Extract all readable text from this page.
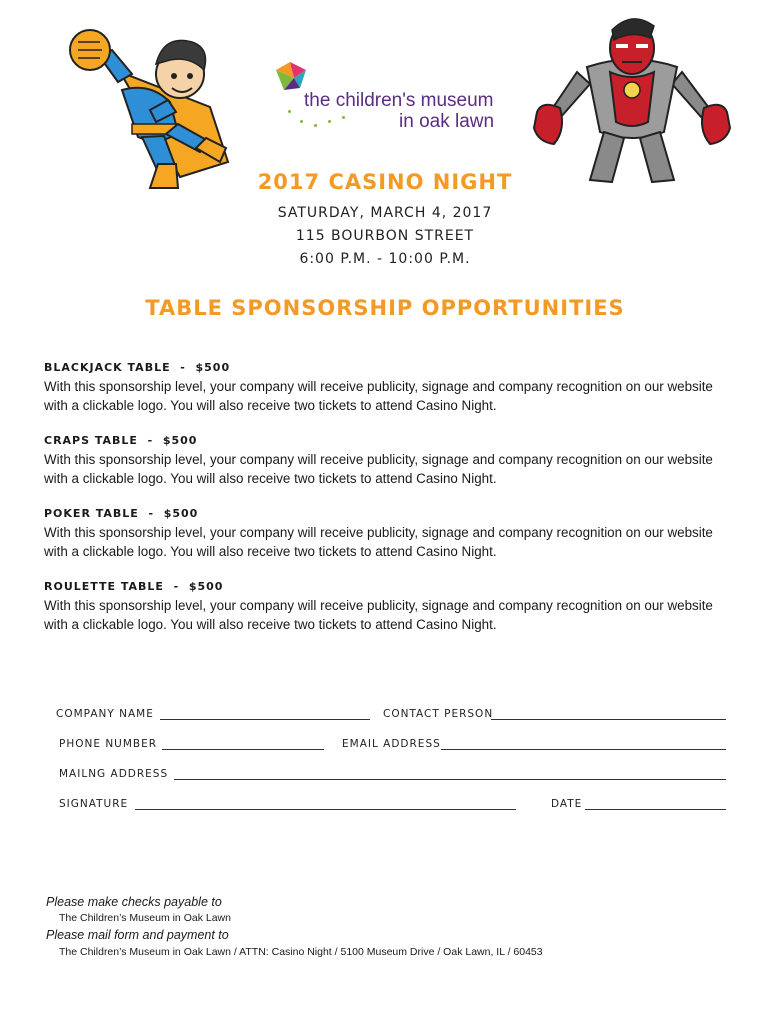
the children's museum
in oak lawn
2017 CASINO NIGHT
SATURDAY, MARCH 4, 2017
115 BOURBON STREET
6:00 P.M. - 10:00 P.M.
TABLE SPONSORSHIP OPPORTUNITIES
BLACKJACK TABLE  -  $500
With this sponsorship level, your company will receive publicity, signage and company recognition on our website with a clickable logo. You will also receive two tickets to attend Casino Night.
CRAPS TABLE  -  $500
With this sponsorship level, your company will receive publicity, signage and company recognition on our website with a clickable logo. You will also receive two tickets to attend Casino Night.
POKER TABLE  -  $500
With this sponsorship level, your company will receive publicity, signage and company recognition on our website with a clickable logo. You will also receive two tickets to attend Casino Night.
ROULETTE TABLE  -  $500
With this sponsorship level, your company will receive publicity, signage and company recognition on our website with a clickable logo. You will also receive two tickets to attend Casino Night.
COMPANY NAME	CONTACT PERSON
PHONE NUMBER	EMAIL ADDRESS
MAILNG ADDRESS
SIGNATURE	DATE
Please make checks payable to
The Children’s Museum in Oak Lawn
Please mail form and payment to
The Children’s Museum in Oak Lawn / ATTN: Casino Night / 5100 Museum Drive / Oak Lawn, IL / 60453
